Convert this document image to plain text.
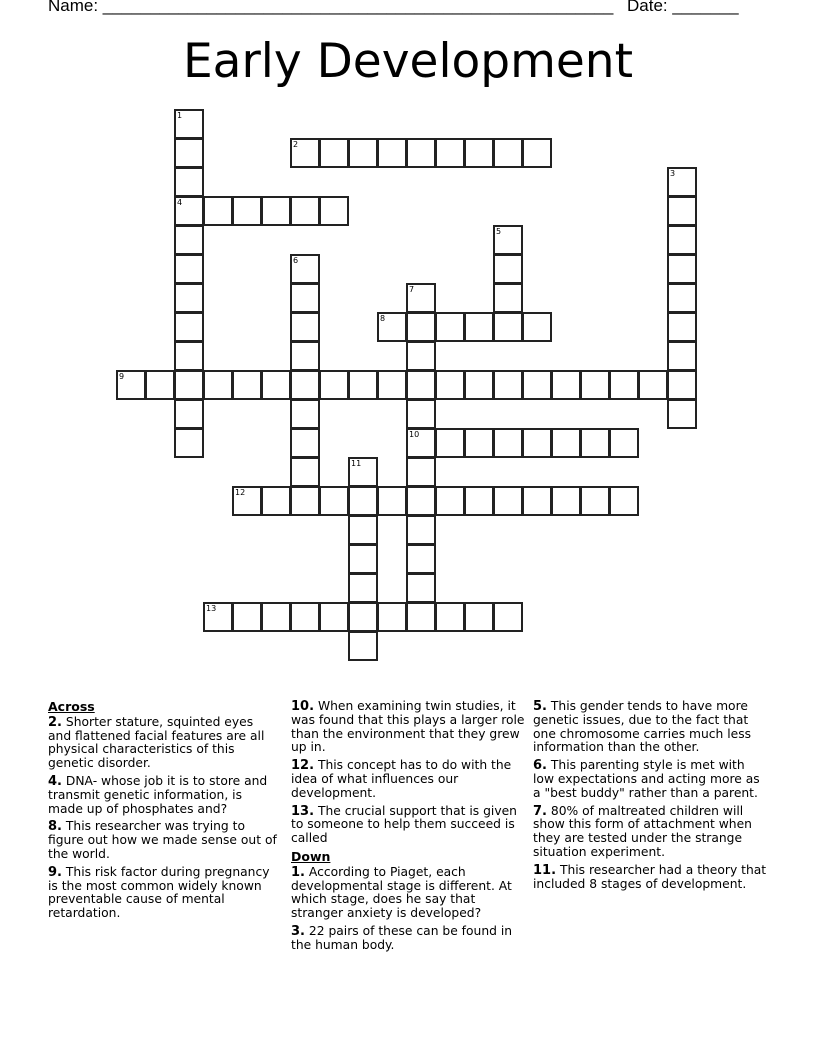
Name: ______________________________________________________ Date: _______
Early Development
1
4
2
3
5
6
7
10
8
9
11
12
13
Across
2. Shorter stature, squinted eyes and flattened facial features are all physical characteristics of this genetic disorder.
4. DNA- whose job it is to store and transmit genetic information, is made up of phosphates and?
8. This researcher was trying to figure out how we made sense out of the world.
9. This risk factor during pregnancy is the most common widely known preventable cause of mental retardation.
10. When examining twin studies, it was found that this plays a larger role than the environment that they grew up in.
12. This concept has to do with the idea of what influences our development.
13. The crucial support that is given to someone to help them succeed is called
Down
1. According to Piaget, each developmental stage is different. At which stage, does he say that stranger anxiety is developed?
3. 22 pairs of these can be found in the human body.
5. This gender tends to have more genetic issues, due to the fact that one chromosome carries much less information than the other.
6. This parenting style is met with low expectations and acting more as a "best buddy" rather than a parent.
7. 80% of maltreated children will show this form of attachment when they are tested under the strange situation experiment.
11. This researcher had a theory that included 8 stages of development.
